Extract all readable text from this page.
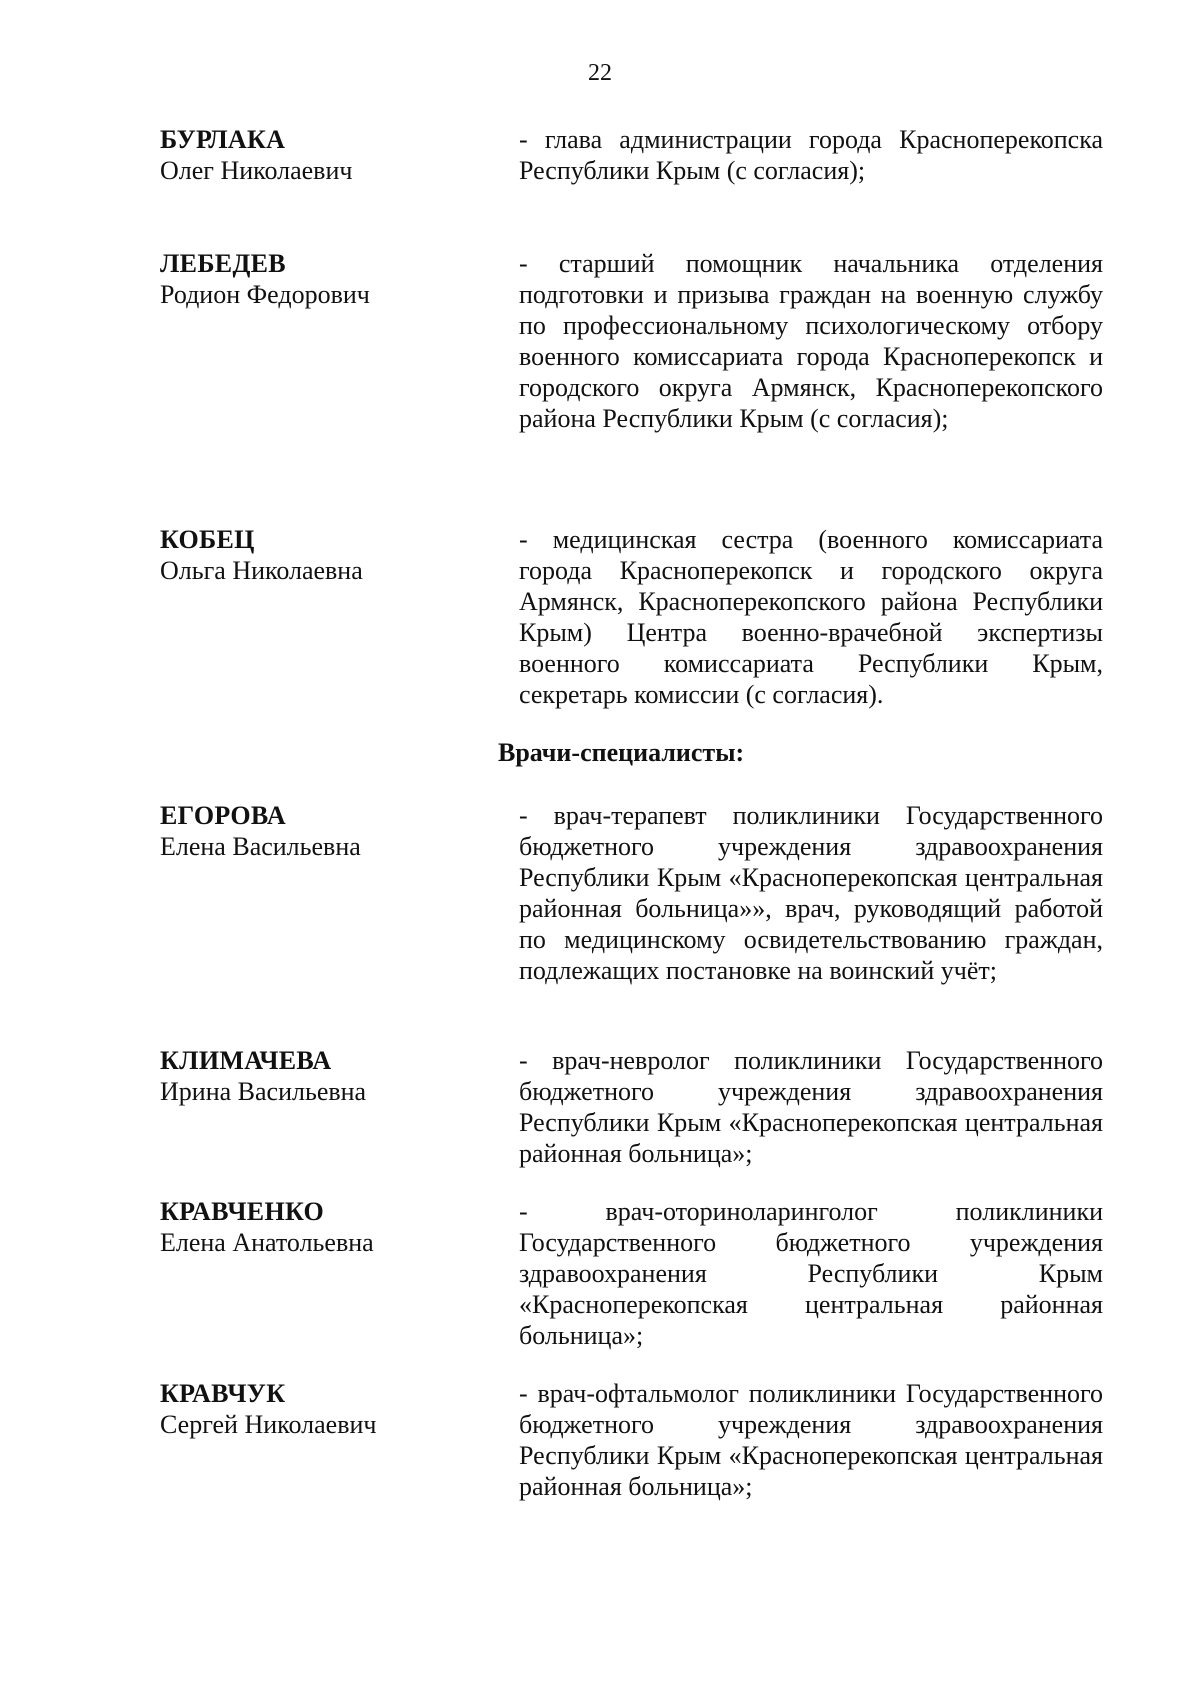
22
БУРЛАКА
Олег Николаевич
- глава администрации города Красноперекопска Республики Крым (с согласия);
ЛЕБЕДЕВ
Родион Федорович
- старший помощник начальника отделения подготовки и призыва граждан на военную службу по профессиональному психологическому отбору военного комиссариата города Красноперекопск и городского округа Армянск, Красноперекопского района Республики Крым (с согласия);
КОБЕЦ
Ольга Николаевна
- медицинская сестра (военного комиссариата города Красноперекопск и городского округа Армянск, Красноперекопского района Республики Крым) Центра военно-врачебной экспертизы военного комиссариата Республики Крым, секретарь комиссии (с согласия).
Врачи-специалисты:
ЕГОРОВА
Елена Васильевна
- врач-терапевт поликлиники Государственного бюджетного учреждения здравоохранения Республики Крым «Красноперекопская центральная районная больница»», врач, руководящий работой по медицинскому освидетельствованию граждан, подлежащих постановке на воинский учёт;
КЛИМАЧЕВА
Ирина Васильевна
- врач-невролог поликлиники Государственного бюджетного учреждения здравоохранения Республики Крым «Красноперекопская центральная районная больница»;
КРАВЧЕНКО
Елена Анатольевна
- врач-оториноларинголог поликлиники Государственного бюджетного учреждения здравоохранения Республики Крым «Красноперекопская центральная районная больница»;
КРАВЧУК
Сергей Николаевич
- врач-офтальмолог поликлиники Государственного бюджетного учреждения здравоохранения Республики Крым «Красноперекопская центральная районная больница»;
